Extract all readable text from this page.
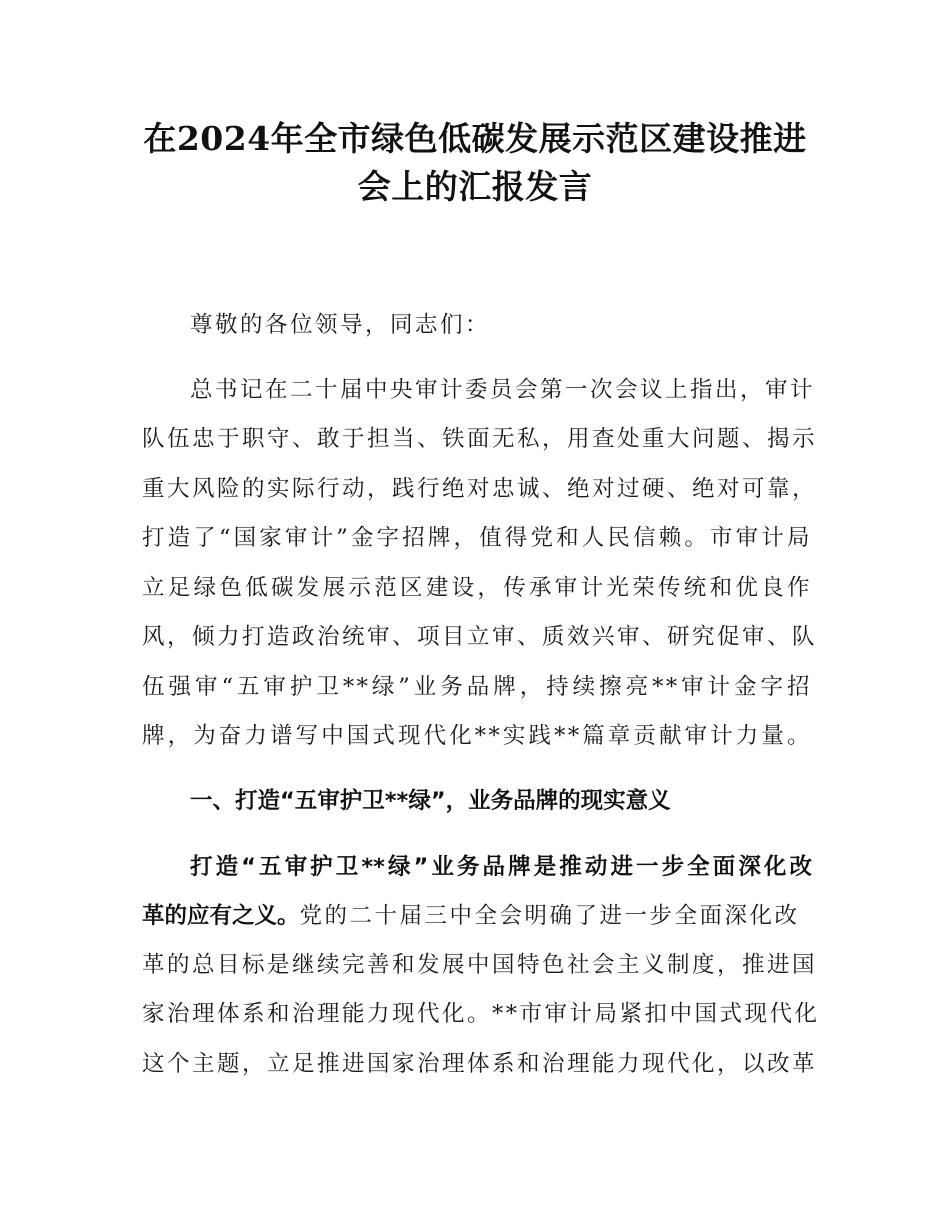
在2024年全市绿色低碳发展示范区建设推进
会上的汇报发言
尊敬的各位领导，同志们：
总书记在二十届中央审计委员会第一次会议上指出，审计
队伍忠于职守、敢于担当、铁面无私，用查处重大问题、揭示
重大风险的实际行动，践行绝对忠诚、绝对过硬、绝对可靠，
打造了“国家审计”金字招牌，值得党和人民信赖。市审计局
立足绿色低碳发展示范区建设，传承审计光荣传统和优良作
风，倾力打造政治统审、项目立审、质效兴审、研究促审、队
伍强审“五审护卫**绿”业务品牌，持续擦亮**审计金字招
牌，为奋力谱写中国式现代化**实践**篇章贡献审计力量。
一、打造“五审护卫**绿”，业务品牌的现实意义
打造“五审护卫**绿”业务品牌是推动进一步全面深化改
革的应有之义。党的二十届三中全会明确了进一步全面深化改
革的总目标是继续完善和发展中国特色社会主义制度，推进国
家治理体系和治理能力现代化。**市审计局紧扣中国式现代化
这个主题，立足推进国家治理体系和治理能力现代化，以改革
